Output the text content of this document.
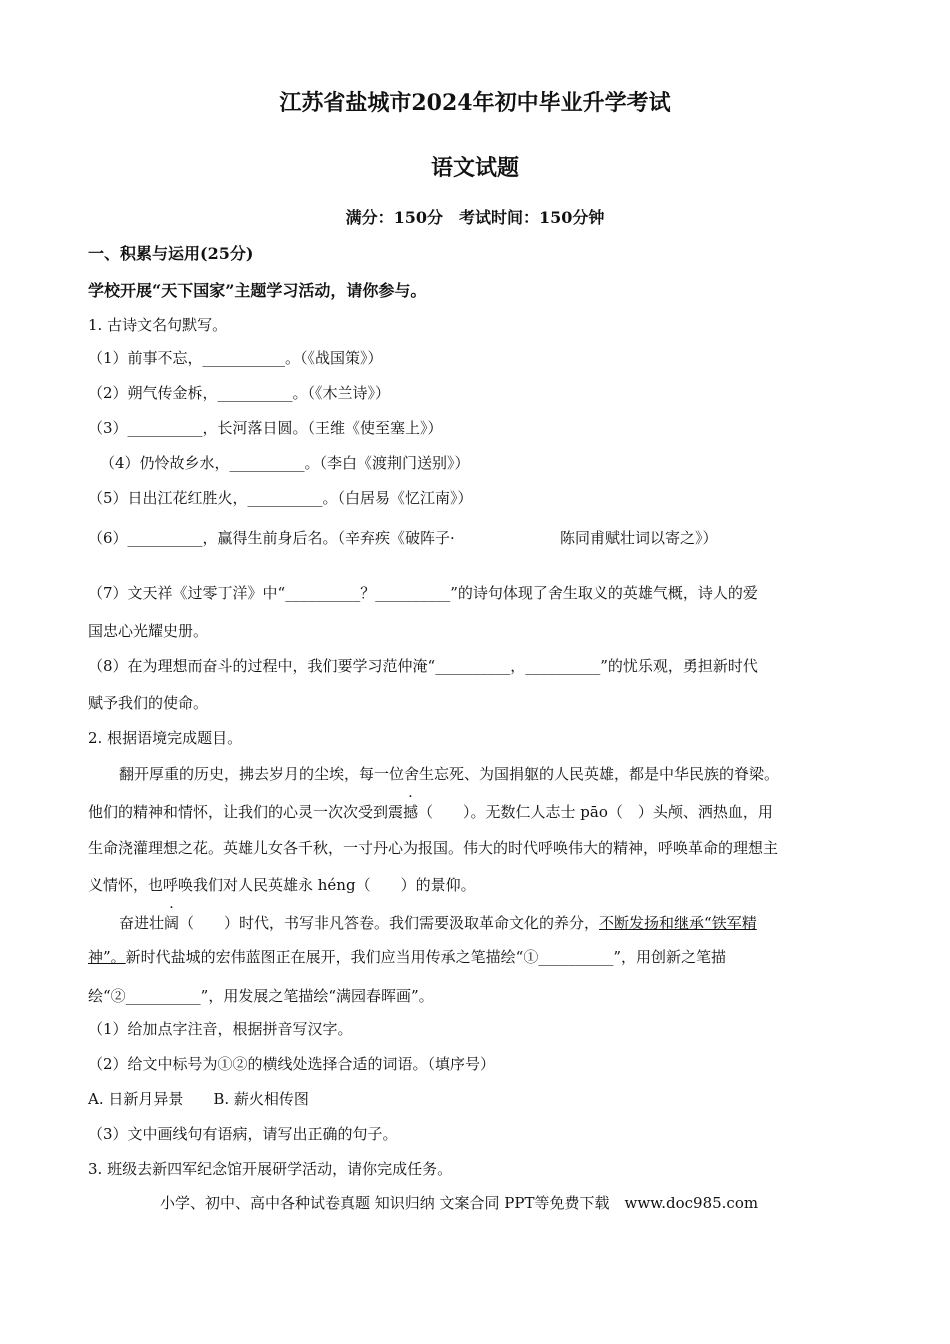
江苏省盐城市2024年初中毕业升学考试
语文试题
满分：150分　考试时间：150分钟
一、积累与运用(25分)
学校开展“天下国家”主题学习活动，请你参与。
1. 古诗文名句默写。
（1）前事不忘，___________。（《战国策》）
（2）朔气传金柝，__________。（《木兰诗》）
（3）__________，长河落日圆。（王维《使至塞上》）
（4）仍怜故乡水，__________。（李白《渡荆门送别》）
（5）日出江花红胜火，__________。（白居易《忆江南》）
（6）__________，赢得生前身后名。（辛弃疾《破阵子·	陈同甫赋壮词以寄之》）
（7）文天祥《过零丁洋》中“__________？__________”的诗句体现了舍生取义的英雄气概，诗人的爱
国忠心光耀史册。
（8）在为理想而奋斗的过程中，我们要学习范仲淹“__________，__________”的忧乐观，勇担新时代
赋予我们的使命。
2. 根据语境完成题目。
翻开厚重的历史，拂去岁月的尘埃，每一位舍生忘死、为国捐躯的人民英雄，都是中华民族的脊梁。
他们的精神和情怀，让我们的心灵一次次受到震撼（　　）。无数仁人志士 pāo（　）头颅、洒热血，用
生命浇灌理想之花。英雄儿女各千秋，一寸丹心为报国。伟大的时代呼唤伟大的精神，呼唤革命的理想主
义情怀，也呼唤我们对人民英雄永 héng（　　）的景仰。
奋进壮阔（　　）时代，书写非凡答卷。我们需要汲取革命文化的养分，不断发扬和继承“铁军精
神”。新时代盐城的宏伟蓝图正在展开，我们应当用传承之笔描绘“①__________”，用创新之笔描
绘“②__________”，用发展之笔描绘“满园春晖画”。
（1）给加点字注音，根据拼音写汉字。
（2）给文中标号为①②的横线处选择合适的词语。（填序号）
A. 日新月异景　　B. 薪火相传图
（3）文中画线句有语病，请写出正确的句子。
3. 班级去新四军纪念馆开展研学活动，请你完成任务。
小学、初中、高中各种试卷真题 知识归纳 文案合同 PPT等免费下载　www.doc985.com
